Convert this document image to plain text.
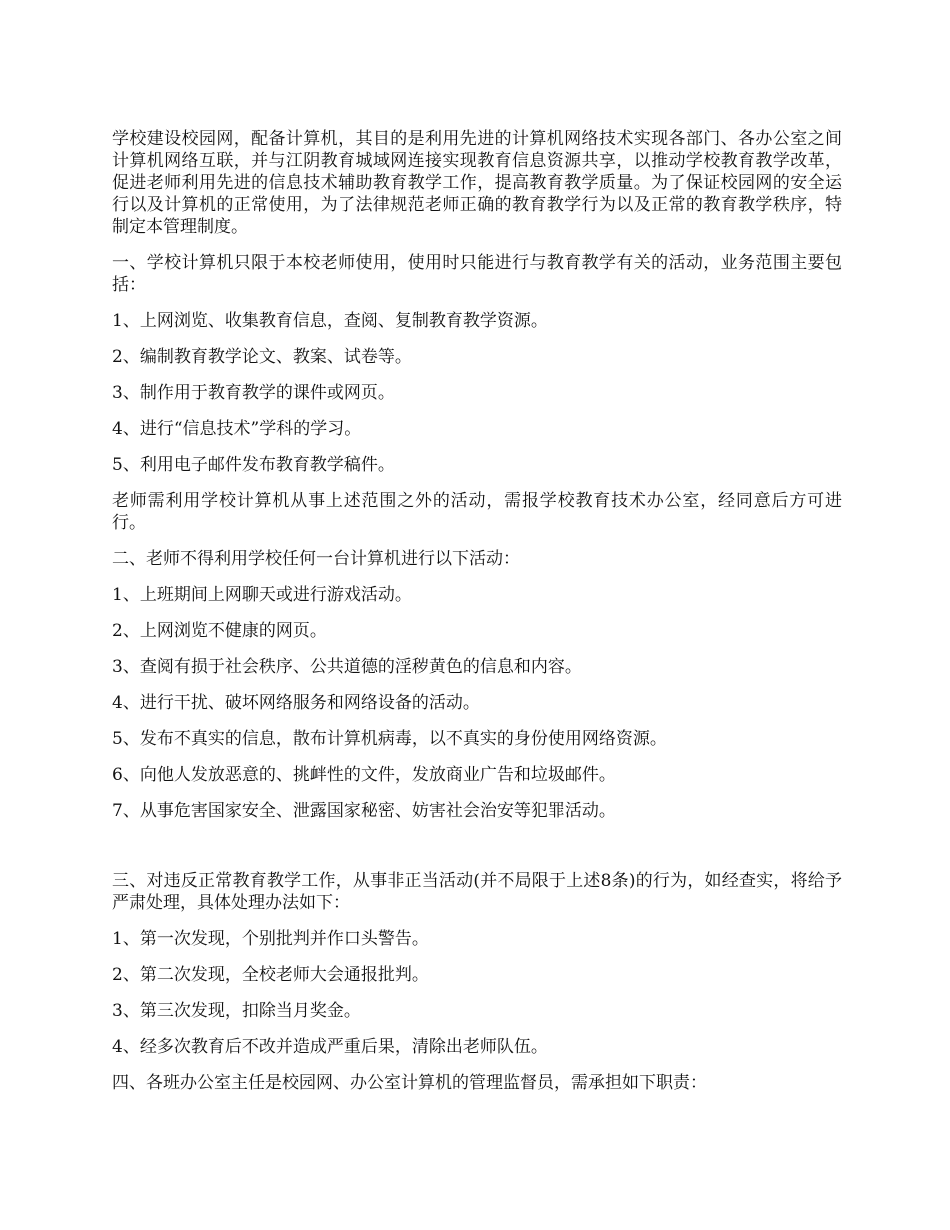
学校建设校园网，配备计算机，其目的是利用先进的计算机网络技术实现各部门、各办公室之间计算机网络互联，并与江阴教育城域网连接实现教育信息资源共享，以推动学校教育教学改革，促进老师利用先进的信息技术辅助教育教学工作，提高教育教学质量。为了保证校园网的安全运行以及计算机的正常使用，为了法律规范老师正确的教育教学行为以及正常的教育教学秩序，特制定本管理制度。

一、学校计算机只限于本校老师使用，使用时只能进行与教育教学有关的活动，业务范围主要包括：

1、上网浏览、收集教育信息，查阅、复制教育教学资源。

2、编制教育教学论文、教案、试卷等。

3、制作用于教育教学的课件或网页。

4、进行“信息技术”学科的学习。

5、利用电子邮件发布教育教学稿件。

老师需利用学校计算机从事上述范围之外的活动，需报学校教育技术办公室，经同意后方可进行。

二、老师不得利用学校任何一台计算机进行以下活动：

1、上班期间上网聊天或进行游戏活动。

2、上网浏览不健康的网页。

3、查阅有损于社会秩序、公共道德的淫秽黄色的信息和内容。

4、进行干扰、破坏网络服务和网络设备的活动。

5、发布不真实的信息，散布计算机病毒，以不真实的身份使用网络资源。

6、向他人发放恶意的、挑衅性的文件，发放商业广告和垃圾邮件。

7、从事危害国家安全、泄露国家秘密、妨害社会治安等犯罪活动。

三、对违反正常教育教学工作，从事非正当活动(并不局限于上述8条)的行为，如经查实，将给予严肃处理，具体处理办法如下：

1、第一次发现，个别批判并作口头警告。

2、第二次发现，全校老师大会通报批判。

3、第三次发现，扣除当月奖金。

4、经多次教育后不改并造成严重后果，清除出老师队伍。

四、各班办公室主任是校园网、办公室计算机的管理监督员，需承担如下职责：
